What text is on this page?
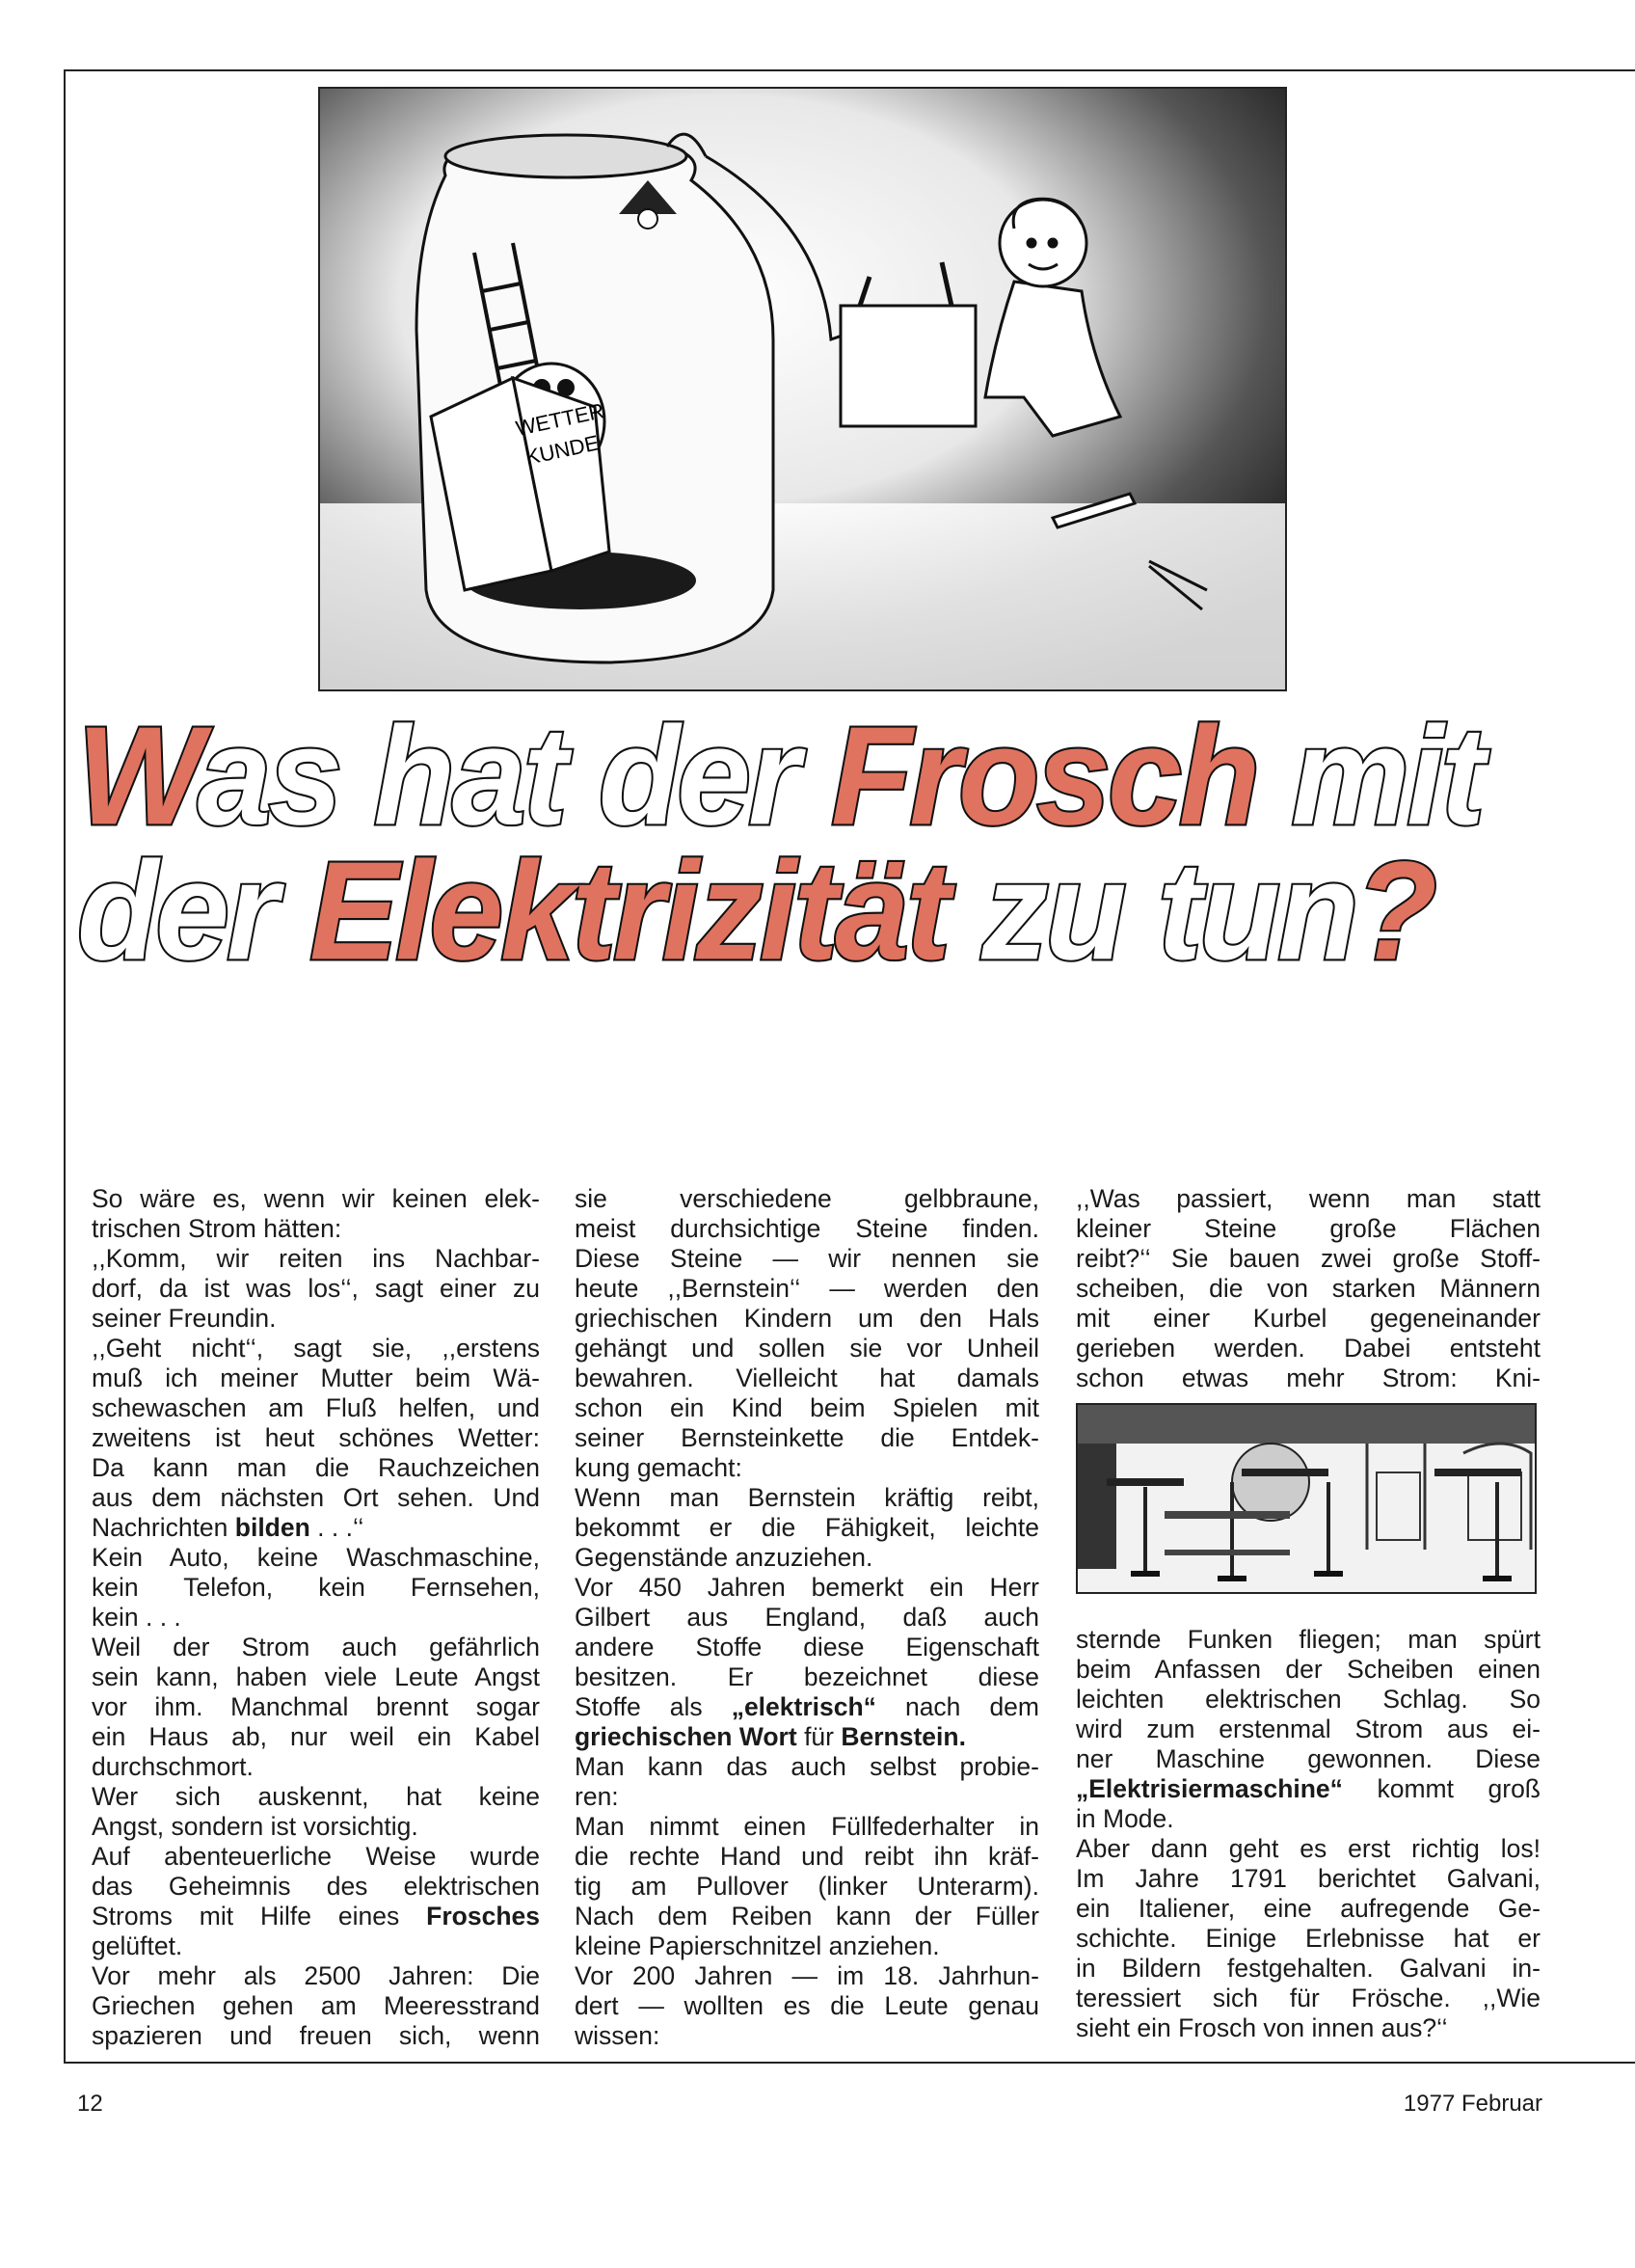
WETTER
KUNDE
Was hat der Frosch mit
der Elektrizität zu tun?
So wäre es, wenn wir keinen elek-
trischen Strom hätten:
,,Komm, wir reiten ins Nachbar-
dorf, da ist was los‘‘, sagt einer zu
seiner Freundin.
,,Geht nicht‘‘, sagt sie, ,,erstens
muß ich meiner Mutter beim Wä-
schewaschen am Fluß helfen, und
zweitens ist heut schönes Wetter:
Da kann man die Rauchzeichen
aus dem nächsten Ort sehen. Und
Nachrichten bilden . . .‘‘
Kein Auto, keine Waschmaschine,
kein Telefon, kein Fernsehen,
kein . . .
Weil der Strom auch gefährlich
sein kann, haben viele Leute Angst
vor ihm. Manchmal brennt sogar
ein Haus ab, nur weil ein Kabel
durchschmort.
Wer sich auskennt, hat keine
Angst, sondern ist vorsichtig.
Auf abenteuerliche Weise wurde
das Geheimnis des elektrischen
Stroms mit Hilfe eines Frosches
gelüftet.
Vor mehr als 2500 Jahren: Die
Griechen gehen am Meeresstrand
spazieren und freuen sich, wenn
sie verschiedene gelbbraune,
meist durchsichtige Steine finden.
Diese Steine — wir nennen sie
heute ,,Bernstein‘‘ — werden den
griechischen Kindern um den Hals
gehängt und sollen sie vor Unheil
bewahren. Vielleicht hat damals
schon ein Kind beim Spielen mit
seiner Bernsteinkette die Entdek-
kung gemacht:
Wenn man Bernstein kräftig reibt,
bekommt er die Fähigkeit, leichte
Gegenstände anzuziehen.
Vor 450 Jahren bemerkt ein Herr
Gilbert aus England, daß auch
andere Stoffe diese Eigenschaft
besitzen. Er bezeichnet diese
Stoffe als „elektrisch“ nach dem
griechischen Wort für Bernstein.
Man kann das auch selbst probie-
ren:
Man nimmt einen Füllfederhalter in
die rechte Hand und reibt ihn kräf-
tig am Pullover (linker Unterarm).
Nach dem Reiben kann der Füller
kleine Papierschnitzel anziehen.
Vor 200 Jahren — im 18. Jahrhun-
dert — wollten es die Leute genau
wissen:
,,Was passiert, wenn man statt
kleiner Steine große Flächen
reibt?‘‘ Sie bauen zwei große Stoff-
scheiben, die von starken Männern
mit einer Kurbel gegeneinander
gerieben werden. Dabei entsteht
schon etwas mehr Strom: Kni-
sternde Funken fliegen; man spürt
beim Anfassen der Scheiben einen
leichten elektrischen Schlag. So
wird zum erstenmal Strom aus ei-
ner Maschine gewonnen. Diese
„Elektrisiermaschine“ kommt groß
in Mode.
Aber dann geht es erst richtig los!
Im Jahre 1791 berichtet Galvani,
ein Italiener, eine aufregende Ge-
schichte. Einige Erlebnisse hat er
in Bildern festgehalten. Galvani in-
teressiert sich für Frösche. ,,Wie
sieht ein Frosch von innen aus?‘‘
12	1977 Februar
